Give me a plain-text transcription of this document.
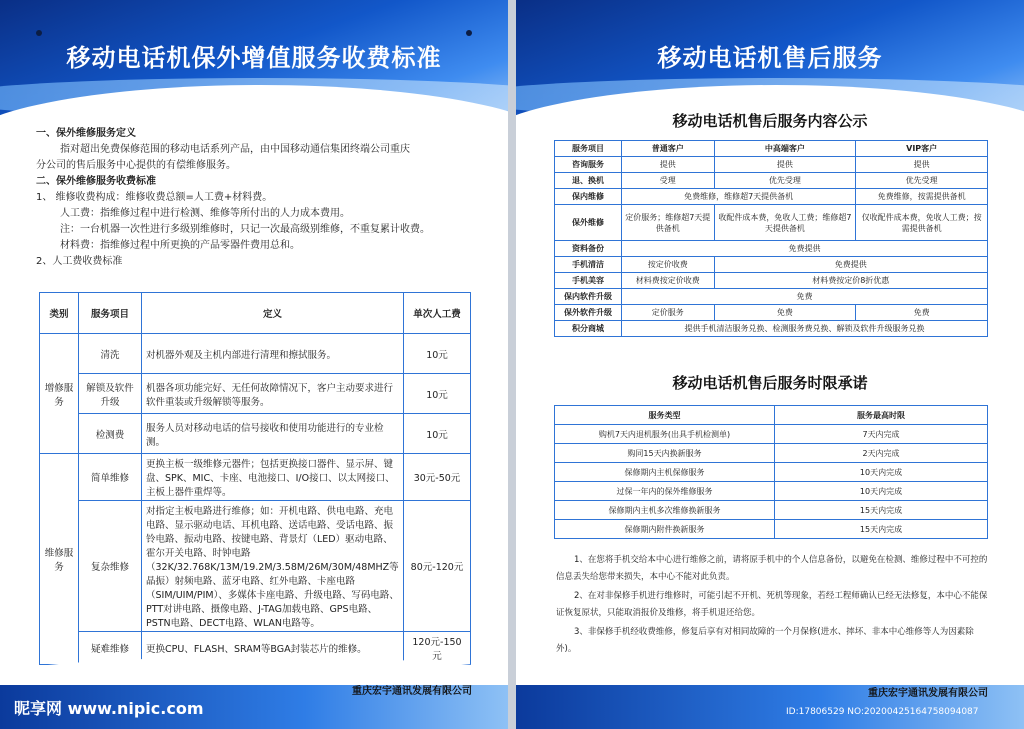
移动电话机保外增值服务收费标准

一、保外维修服务定义

指对超出免费保修范围的移动电话系列产品，由中国移动通信集团终端公司重庆

分公司的售后服务中心提供的有偿维修服务。

二、保外维修服务收费标准

1、 维修收费构成：维修收费总额=人工费+材料费。

人工费：指维修过程中进行检测、维修等所付出的人力成本费用。

注：一台机器一次性进行多级别维修时，只记一次最高级别维修，不重复累计收费。

材料费：指维修过程中所更换的产品零器件费用总和。

2、人工费收费标准

类别	服务项目	定义	单次人工费
增修服务	清洗	对机器外观及主机内部进行清理和擦拭服务。	10元
	解锁及软件升级	机器各项功能完好、无任何故障情况下，客户主动要求进行软件重装或升级解锁等服务。	10元
	检测费	服务人员对移动电话的信号接收和使用功能进行的专业检测。	10元
维修服务	简单维修	更换主板一级维修元器件；包括更换接口器件、显示屏、键盘、SPK、MIC、卡座、电池接口、I/O接口、以太网接口、主板上器件重焊等。	30元-50元
	复杂维修	对指定主板电路进行维修；如：开机电路、供电电路、充电电路、显示驱动电话、耳机电路、送话电路、受话电路、振铃电路、振动电路、按键电路、背景灯（LED）驱动电路、霍尔开关电路、时钟电路（32K/32.768K/13M/19.2M/3.58M/26M/30M/48MHZ等晶振）射频电路、蓝牙电路、红外电路、卡座电路（SIM/UIM/PIM）、多媒体卡座电路、升级电路、写码电路、PTT对讲电路、摄像电路、J-TAG加载电路、GPS电路、PSTN电路、DECT电路、WLAN电路等。	80元-120元
	疑难维修	更换CPU、FLASH、SRAM等BGA封装芯片的维修。	120元-150元
重庆宏宇通讯发展有限公司
昵享网 www.nipic.com
移动电话机售后服务
移动电话机售后服务内容公示
服务项目	普通客户	中高端客户	VIP客户
咨询服务	提供	提供	提供
退、换机	受理	优先受理	优先受理
保内维修	免费维修，维修超7天提供备机		免费维修，按需提供备机
保外维修	定价服务；维修超7天提供备机	收配件成本费，免收人工费；维修超7天提供备机	仅收配件成本费，免收人工费；按需提供备机
资料备份	免费提供		
手机清洁	按定价收费	免费提供	
手机美容	材料费按定价收费	材料费按定价8折优惠	
保内软件升级	免费		
保外软件升级	定价服务	免费	免费
积分商城	提供手机清洁服务兑换、检测服务费兑换、解锁及软件升级服务兑换		
移动电话机售后服务时限承诺
服务类型	服务最高时限
购机7天内退机服务(出具手机检测单)	7天内完成
购同15天内换新服务	2天内完成
保修期内主机保修服务	10天内完成
过保一年内的保外维修服务	10天内完成
保修期内主机多次维修换新服务	15天内完成
保修期内附件换新服务	15天内完成

1、在您将手机交给本中心进行维修之前，请将原手机中的个人信息备份，以避免在检测、维修过程中不可控的信息丢失给您带来损失，本中心不能对此负责。

2、在对非保修手机进行维修时，可能引起不开机、死机等现象，若经工程师确认已经无法修复，本中心不能保证恢复原状，只能取消报价及维修，将手机退还给您。

3、非保修手机经收费维修，修复后享有对相同故障的一个月保修(进水、摔坏、非本中心维修等人为因素除外)。

重庆宏宇通讯发展有限公司
ID:17806529 NO:20200425164758094087
